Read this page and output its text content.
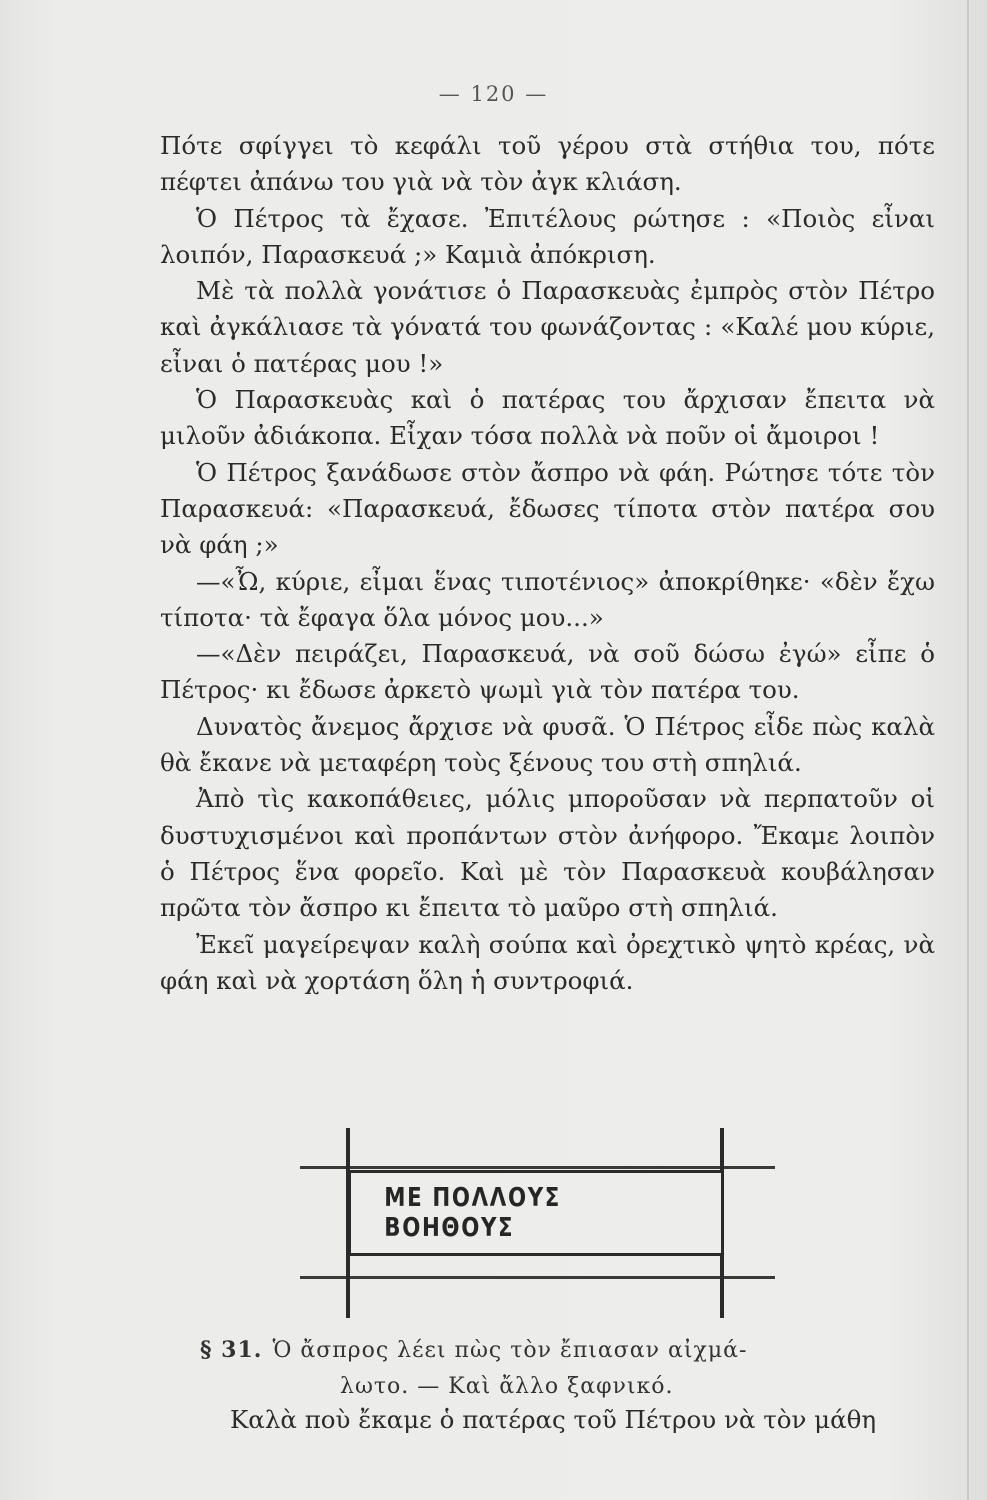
— 120 —

Πότε σφίγγει τὸ κεφάλι τοῦ γέρου στὰ στήθια του, πότε πέφτει ἀπάνω του γιὰ νὰ τὸν ἀγκ κλιάση.

Ὁ Πέτρος τὰ ἔχασε. Ἐπιτέλους ρώτησε : «Ποιὸς εἶναι λοιπόν, Παρασκευά ;» Καμιὰ ἀπόκριση.

Μὲ τὰ πολλὰ γονάτισε ὁ Παρασκευὰς ἐμπρὸς στὸν Πέτρο καὶ ἀγκάλιασε τὰ γόνατά του φωνάζοντας : «Καλέ μου κύριε, εἶναι ὁ πατέρας μου !»

Ὁ Παρασκευὰς καὶ ὁ πατέρας του ἄρχισαν ἔπειτα νὰ μιλοῦν ἀδιάκοπα. Εἶχαν τόσα πολλὰ νὰ ποῦν οἱ ἄμοιροι !

Ὁ Πέτρος ξανάδωσε στὸν ἄσπρο νὰ φάη. Ρώτησε τότε τὸν Παρασκευά: «Παρασκευά, ἔδωσες τίποτα στὸν πατέρα σου νὰ φάη ;»

—«Ὦ, κύριε, εἶμαι ἕνας τιποτένιος» ἀποκρίθηκε· «δὲν ἔχω τίποτα· τὰ ἔφαγα ὅλα μόνος μου...»

—«Δὲν πειράζει, Παρασκευά, νὰ σοῦ δώσω ἐγώ» εἶπε ὁ Πέτρος· κι ἔδωσε ἀρκετὸ ψωμὶ γιὰ τὸν πατέρα του.

Δυνατὸς ἄνεμος ἄρχισε νὰ φυσᾶ. Ὁ Πέτρος εἶδε πὼς καλὰ θὰ ἔκανε νὰ μεταφέρη τοὺς ξένους του στὴ σπηλιά.

Ἀπὸ τὶς κακοπάθειες, μόλις μποροῦσαν νὰ περπατοῦν οἱ δυστυχισμένοι καὶ προπάντων στὸν ἀνήφορο. Ἔκαμε λοιπὸν ὁ Πέτρος ἕνα φορεῖο. Καὶ μὲ τὸν Παρασκευὰ κουβάλησαν πρῶτα τὸν ἄσπρο κι ἔπειτα τὸ μαῦρο στὴ σπηλιά.

Ἐκεῖ μαγείρεψαν καλὴ σούπα καὶ ὀρεχτικὸ ψητὸ κρέας, νὰ φάη καὶ νὰ χορτάση ὅλη ἡ συντροφιά.

ΜΕ ΠΟΛΛΟΥΣ ΒΟΗΘΟΥΣ
§ 31. Ὁ ἄσπρος λέει πὼς τὸν ἔπιασαν αἰχμά-
λωτο. — Καὶ ἄλλο ξαφνικό.
Καλὰ ποὺ ἔκαμε ὁ πατέρας τοῦ Πέτρου νὰ τὸν μάθη
